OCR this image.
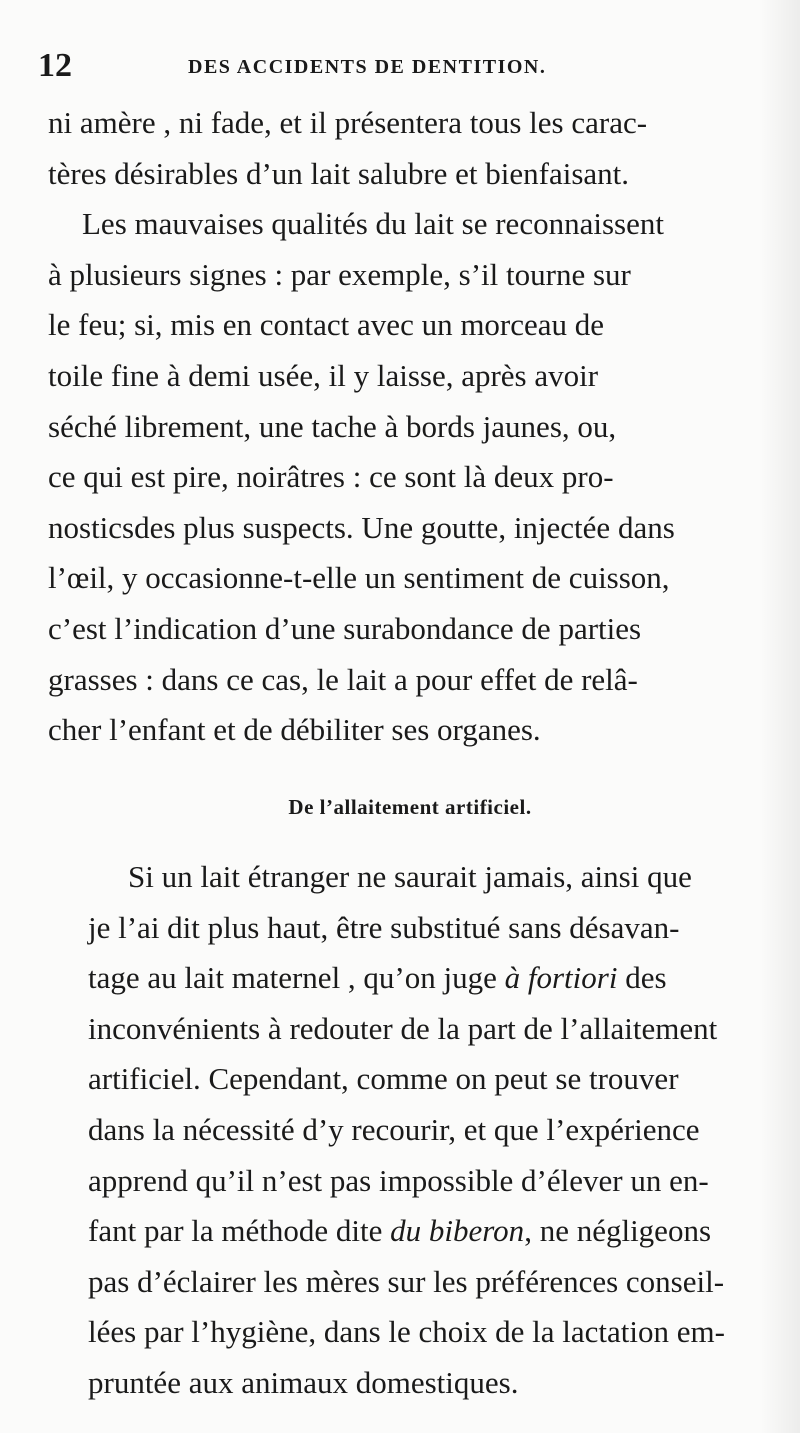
12	DES ACCIDENTS DE DENTITION.

ni amère , ni fade, et il présentera tous les carac-
tères désirables d’un lait salubre et bienfaisant.

Les mauvaises qualités du lait se reconnaissent
à plusieurs signes : par exemple, s’il tourne sur
le feu; si, mis en contact avec un morceau de
toile fine à demi usée, il y laisse, après avoir
séché librement, une tache à bords jaunes, ou,
ce qui est pire, noirâtres : ce sont là deux pro-
nosticsdes plus suspects. Une goutte, injectée dans
l’œil, y occasionne-t-elle un sentiment de cuisson,
c’est l’indication d’une surabondance de parties
grasses : dans ce cas, le lait a pour effet de relâ-
cher l’enfant et de débiliter ses organes.

De l’allaitement artificiel.

Si un lait étranger ne saurait jamais, ainsi que
je l’ai dit plus haut, être substitué sans désavan-
tage au lait maternel , qu’on juge à fortiori des
inconvénients à redouter de la part de l’allaitement
artificiel. Cependant, comme on peut se trouver
dans la nécessité d’y recourir, et que l’expérience
apprend qu’il n’est pas impossible d’élever un en-
fant par la méthode dite du biberon, ne négligeons
pas d’éclairer les mères sur les préférences conseil-
lées par l’hygiène, dans le choix de la lactation em-
pruntée aux animaux domestiques.
